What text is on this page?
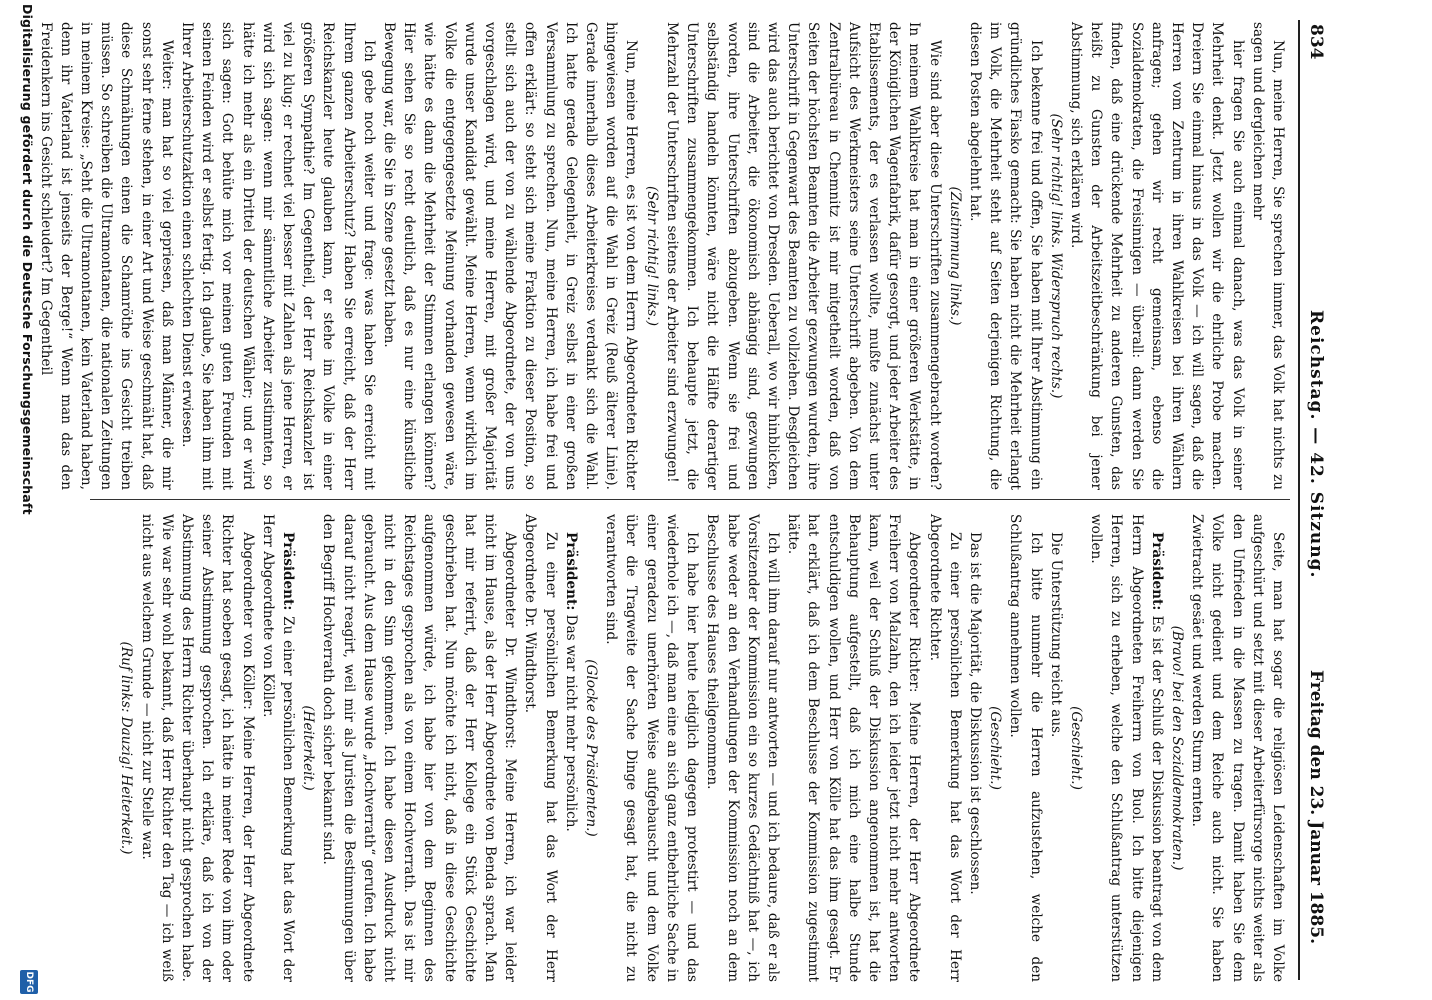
834
Reichstag. — 42. Sitzung.
Freitag den 23. Januar 1885.

Nun, meine Herren, Sie sprechen immer, das Volk hat nichts zu sagen und dergleichen mehr

hier fragen Sie auch einmal danach, was das Volk in seiner Mehrheit denkt. Jetzt wollen wir die ehrliche Probe machen. Dreiern Sie einmal hinaus in das Volk — ich will sagen, daß die Herren vom Zentrum in ihren Wahlkreisen bei ihren Wählern anfragen; gehen wir recht gemeinsam, ebenso die Sozialdemokraten, die Freisinnigen — überall: dann werden Sie finden, daß eine drückende Mehrheit zu anderen Gunsten, das heißt zu Gunsten der Arbeitszeitbeschränkung bei jener Abstimmung, sich erklären wird.

(Sehr richtig! links. Widerspruch rechts.)

Ich bekenne frei und offen, Sie haben mit Ihrer Abstimmung ein gründliches Fiasko gemacht: Sie haben nicht die Mehrheit erlangt im Volk, die Mehrheit steht auf Seiten derjenigen Richtung, die diesen Posten abgelehnt hat.

(Zustimmung links.)

Wie sind aber diese Unterschriften zusammengebracht worden? In meinem Wahlkreise hat man in einer größeren Werkstätte, in der Königlichen Wagenfabrik, dafür gesorgt, und jeder Arbeiter des Etablissements, der es verlassen wollte, mußte zunächst unter Aufsicht des Werkmeisters seine Unterschrift abgeben. Von dem Zentralbüreau in Chemnitz ist mir mitgetheilt worden, daß von Seiten der höchsten Beamten die Arbeiter gezwungen wurden, ihre Unterschrift in Gegenwart des Beamten zu vollziehen. Desgleichen wird das auch berichtet von Dresden. Ueberall, wo wir hinblicken, sind die Arbeiter, die ökonomisch abhängig sind, gezwungen worden, ihre Unterschriften abzugeben. Wenn sie frei und selbständig handeln könnten, wäre nicht die Hälfte derartiger Unterschriften zusammengekommen. Ich behaupte jetzt, die Mehrzahl der Unterschriften seitens der Arbeiter sind erzwungen!

(Sehr richtig! links.)

Nun, meine Herren, es ist von dem Herrn Abgeordneten Richter hingewiesen worden auf die Wahl in Greiz (Reuß älterer Linie). Gerade innerhalb dieses Arbeiterkreises verdankt sich die Wahl. Ich hatte gerade Gelegenheit, in Greiz selbst in einer großen Versammlung zu sprechen. Nun, meine Herren, ich habe frei und offen erklärt: so steht sich meine Fraktion zu dieser Position, so stellt sich auch der von zu wählende Abgeordnete, der von uns vorgeschlagen wird, und meine Herren, mit großer Majorität wurde unser Kandidat gewählt. Meine Herren, wenn wirklich im Volke die entgegengesetzte Meinung vorhanden gewesen wäre, wie hätte es dann die Mehrheit der Stimmen erlangen können? Hier sehen Sie so recht deutlich, daß es nur eine künstliche Bewegung war, die Sie in Szene gesetzt haben.

Ich gebe noch weiter und frage: was haben Sie erreicht mit Ihrem ganzen Arbeiterschutz? Haben Sie erreicht, daß der Herr Reichskanzler heute glauben kann, er stehe im Volke in einer größeren Sympathie? Im Gegentheil, der Herr Reichskanzler ist viel zu klug; er rechnet viel besser mit Zahlen als jene Herren, er wird sich sagen: wenn mir sämmtliche Arbeiter zustimmten, so hätte ich mehr als ein Drittel der deutschen Wähler; und er wird sich sagen: Gott behüte mich vor meinen guten Freunden mit seinen Feinden wird er selbst fertig. Ich glaube, Sie haben ihm mit Ihrer Arbeiterschutzaktion einen schlechten Dienst erwiesen.

Weiter: man hat so viel gepriesen, daß man Männer, die mir sonst sehr ferne stehen, in einer Art und Weise geschmäht hat, daß diese Schmähungen einen die Schamröthe ins Gesicht treiben müssen. So schreiben die Ultramontanen, die nationalen Zeitungen in meinem Kreise: „Seht die Ultramontanen, kein Vaterland haben, denn ihr Vaterland ist jenseits der Berge!“ Wenn man das den Freidenkern ins Gesicht schleudert? Im Gegentheil

Seite, man hat sogar die religiösen Leidenschaften im Volke aufgeschürt und setzt mit dieser Arbeiterfürsorge nichts weiter als den Unfrieden in die Massen zu tragen. Damit haben Sie dem Volke nicht gedient und dem Reiche auch nicht. Sie haben Zwietracht gesäet und werden Sturm ernten.

(Bravo! bei den Sozialdemokraten.)

Präsident: Es ist der Schluß der Diskussion beantragt von dem Herrn Abgeordneten Freiherrn von Buol. Ich bitte diejenigen Herren, sich zu erheben, welche den Schlußantrag unterstützen wollen.

(Geschieht.)

Die Unterstützung reicht aus.

Ich bitte nunmehr die Herren aufzustehen, welche den Schlußantrag annehmen wollen.

(Geschieht.)

Das ist die Majorität, die Diskussion ist geschlossen.

Zu einer persönlichen Bemerkung hat das Wort der Herr Abgeordnete Richter.

Abgeordneter Richter: Meine Herren, der Herr Abgeordnete Freiherr von Malzahn, den ich leider jetzt nicht mehr antworten kann, weil der Schluß der Diskussion angenommen ist, hat die Behauptung aufgestellt, daß ich mich eine halbe Stunde entschuldigen wollen, und Herr von Kölle hat das ihm gesagt. Er hat erklärt, daß ich dem Beschlusse der Kommission zugestimmt hätte.

Ich will ihm darauf nur antworten — und ich bedaure, daß er als Vorsitzender der Kommission ein so kurzes Gedächtniß hat —, ich habe weder an den Verhandlungen der Kommission noch an dem Beschlusse des Hauses theilgenommen.

Ich habe hier heute lediglich dagegen protestirt — und das wiederhole ich —, daß man eine an sich ganz entbehrliche Sache in einer geradezu unerhörten Weise aufgebauscht und dem Volke über die Tragweite der Sache Dinge gesagt hat, die nicht zu verantworten sind.

(Glocke des Präsidenten.)

Präsident: Das war nicht mehr persönlich.

Zu einer persönlichen Bemerkung hat das Wort der Herr Abgeordnete Dr. Windthorst.

Abgeordneter Dr. Windthorst: Meine Herren, ich war leider nicht im Hause, als der Herr Abgeordnete von Benda sprach. Man hat mir referirt, daß der Herr Kollege ein Stück Geschichte geschrieben hat. Nun möchte ich nicht, daß in diese Geschichte aufgenommen würde, ich habe hier von dem Beginnen des Reichstages gesprochen als von einem Hochverrath. Das ist mir nicht in den Sinn gekommen. Ich habe diesen Ausdruck nicht gebraucht. Aus dem Hause wurde „Hochverrath“ gerufen. Ich habe darauf nicht reagirt, weil mir als Juristen die Bestimmungen über den Begriff Hochverrath doch sicher bekannt sind.

(Heiterkeit.)

Präsident: Zu einer persönlichen Bemerkung hat das Wort der Herr Abgeordnete von Köller.

Abgeordneter von Köller: Meine Herren, der Herr Abgeordnete Richter hat soeben gesagt, ich hätte in meiner Rede von ihm oder seiner Abstimmung gesprochen. Ich erkläre, daß ich von der Abstimmung des Herrn Richter überhaupt nicht gesprochen habe. Wie war sehr wohl bekannt, daß Herr Richter den Tag — ich weiß nicht aus welchem Grunde — nicht zur Stelle war.

(Ruf links: Dauzig! Heiterkeit.)

Digitalisierung gefördert durch die Deutsche Forschungsgemeinschaft
DFG
